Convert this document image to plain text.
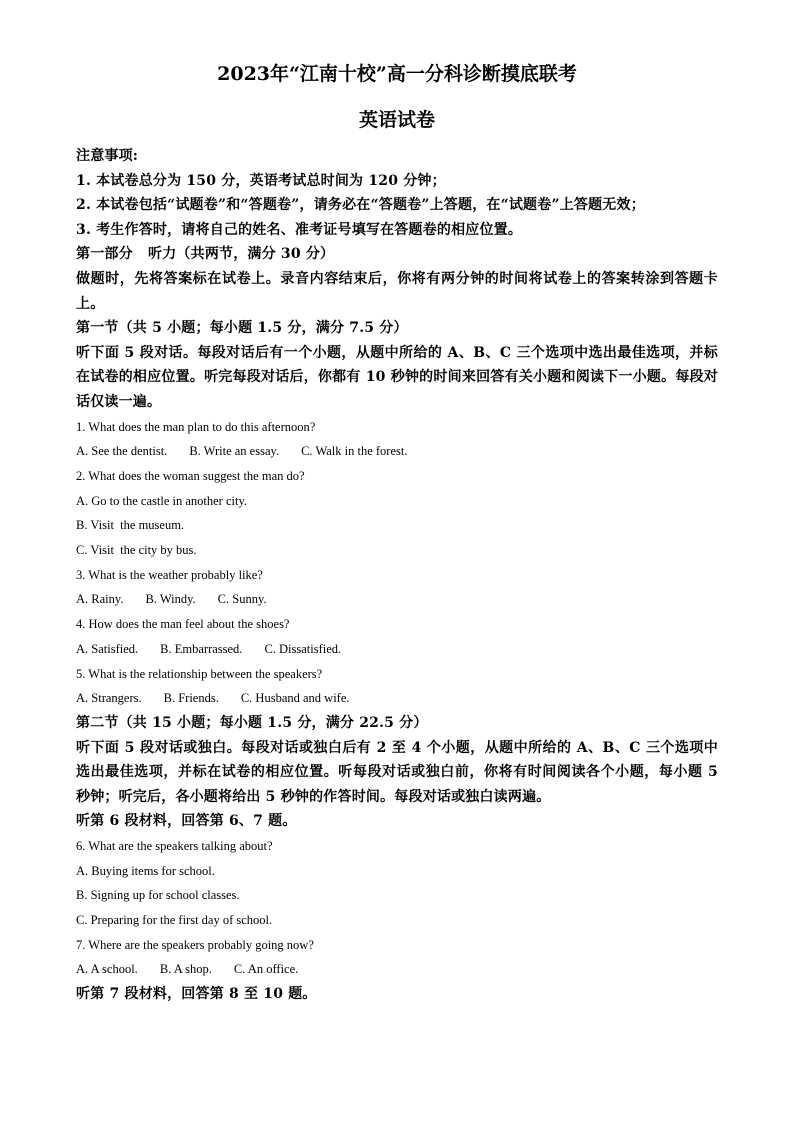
2023年“江南十校”高一分科诊断摸底联考
英语试卷

注意事项:

1. 本试卷总分为 150 分，英语考试总时间为 120 分钟；

2. 本试卷包括“试题卷”和“答题卷”，请务必在“答题卷”上答题，在“试题卷”上答题无效；

3. 考生作答时，请将自己的姓名、准考证号填写在答题卷的相应位置。

第一部分   听力（共两节，满分 30 分）

做题时，先将答案标在试卷上。录音内容结束后，你将有两分钟的时间将试卷上的答案转涂到答题卡上。

第一节（共 5 小题；每小题 1.5 分，满分 7.5 分）

听下面 5 段对话。每段对话后有一个小题，从题中所给的 A、B、C 三个选项中选出最佳选项，并标在试卷的相应位置。听完每段对话后，你都有 10 秒钟的时间来回答有关小题和阅读下一小题。每段对话仅读一遍。

1. What does the man plan to do this afternoon?

A. See the dentist. B. Write an essay. C. Walk in the forest.

2. What does the woman suggest the man do?

A. Go to the castle in another city.

B. Visit  the museum.

C. Visit  the city by bus.

3. What is the weather probably like?

A. Rainy. B. Windy. C. Sunny.

4. How does the man feel about the shoes?

A. Satisfied. B. Embarrassed. C. Dissatisfied.

5. What is the relationship between the speakers?

A. Strangers. B. Friends. C. Husband and wife.

第二节（共 15 小题；每小题 1.5 分，满分 22.5 分）

听下面 5 段对话或独白。每段对话或独白后有 2 至 4 个小题，从题中所给的 A、B、C 三个选项中选出最佳选项，并标在试卷的相应位置。听每段对话或独白前，你将有时间阅读各个小题，每小题 5 秒钟；听完后，各小题将给出 5 秒钟的作答时间。每段对话或独白读两遍。

听第 6 段材料，回答第 6、7 题。

6. What are the speakers talking about?

A. Buying items for school.

B. Signing up for school classes.

C. Preparing for the first day of school.

7. Where are the speakers probably going now?

A. A school. B. A shop. C. An office.

听第 7 段材料，回答第 8 至 10 题。
